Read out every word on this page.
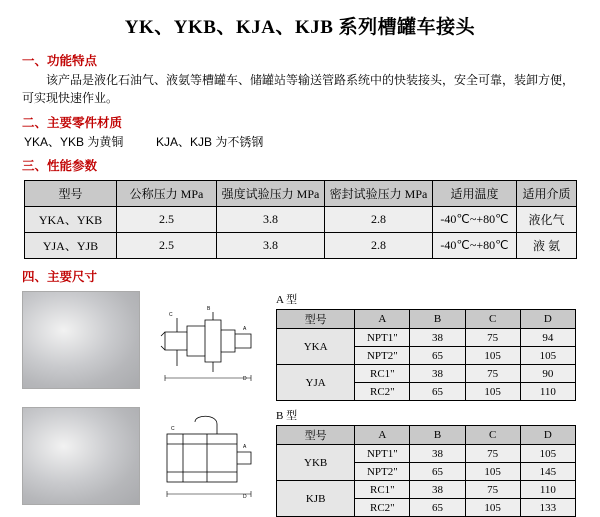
YK、YKB、KJA、KJB 系列槽罐车接头
一、功能特点
该产品是液化石油气、液氨等槽罐车、储罐站等输送管路系统中的快装接头，安全可靠，装卸方便，可实现快速作业。
二、主要零件材质
YKA、YKB 为黄铜	KJA、KJB 为不锈钢
三、性能参数
型号	公称压力 MPa	强度试验压力 MPa	密封试验压力 MPa	适用温度	适用介质
YKA、YKB	2.5	3.8	2.8	-40℃~+80℃	液化气
YJA、YJB	2.5	3.8	2.8	-40℃~+80℃	液 氨
四、主要尺寸
C
B
A
D
A 型
型号	A	B	C	D
YKA	NPT1"	38	75	94
	NPT2"	65	105	105
YJA	RC1"	38	75	90
	RC2"	65	105	110
C
A
D
B 型
型号	A	B	C	D
YKB	NPT1"	38	75	105
	NPT2"	65	105	145
KJB	RC1"	38	75	110
	RC2"	65	105	133
